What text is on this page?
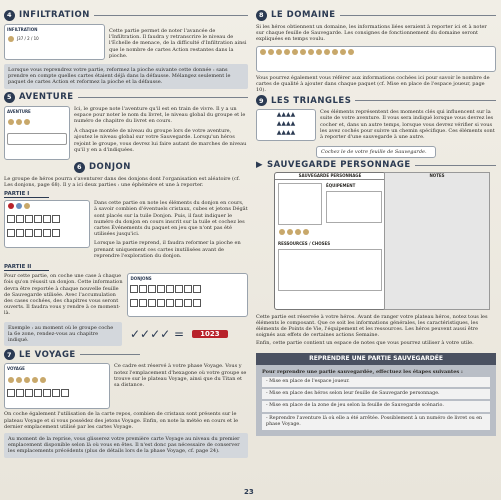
4 INFILTRATION
INFILTRATION
J37 / 2 / 10

Cette partie permet de noter l'avancée de l'Infiltration. Il faudra y retranscrire le niveau de l'Échelle de menace, de la difficulté d'Infiltration ainsi que le nombre de cartes Action restantes dans la pioche.

Lorsque vous reprendrez votre partie, reformez la pioche suivante cette donnée : sans prendre en compte quelles cartes étaient déjà dans la défausse. Mélangez seulement le paquet de cartes Action et reformez la pioche et la défausse.
5 AVENTURE
AVENTURE	Ici, le groupe note l'aventure qu'il est en train de vivre. Il y a un espace pour noter le nom du livret, le niveau global du groupe et le numéro de chapitre du livret en cours.

À chaque montée de niveau du groupe lors de votre aventure, ajoutez le niveau global sur votre Sauvegarde. Lorsqu'un héros rejoint le groupe, vous devrez lui faire autant de marches de niveau qu'il y en a d'indiquées.

6 DONJON

Le groupe de héros pourra s'aventurer dans des donjons dont l'organisation est aléatoire (cf. Les donjons, page 68). Il y a ici deux parties : une éphémère et une à reporter.

PARTIE I

Dans cette partie on note les éléments du donjon en cours, à savoir combien d'éventuels cristaux, cubes et jetons Dégât sont placés sur la tuile Donjon. Puis, il faut indiquer le numéro du donjon en cours inscrit sur la tuile et cochez les cartes Événements du paquet en jeu que n'ont pas été utilisées jusqu'ici.

Lorsque la partie reprend, il faudra reformer la pioche en prenant uniquement ces cartes inutilisées avant de reprendre l'exploration du donjon.

PARTIE II

Pour cette partie, on coche une case à chaque fois qu'on réussit un donjon. Cette information devra être reportée à chaque nouvelle feuille de Sauvegarde utilisée. Avec l'accumulation des cases cochées, des chapitres vous seront ouverts. Il faudra vous y rendre à ce moment-là.

DONJONS
Exemple : au moment où le groupe coche la 6e zone, rendez-vous au chapitre indiqué.	✓✓✓✓ =	1023
7 LE VOYAGE
VOYAGE	Ce cadre est réservé à votre phase Voyage. Vous y notez l'emplacement d'hexagone où votre groupe se trouve sur le plateau Voyage, ainsi que du Titan et sa distance.

On coche également l'utilisation de la carte repos, combien de cristaux sont présents sur le plateau Voyage et si vous possédez des jetons Voyage. Enfin, on note la météo en cours et le dernier emplacement utilisé par les cartes Voyage.

Au moment de la reprise, vous glisserez votre première carte Voyage au niveau du premier emplacement disponible selon là où vous en êtes. Il n'est donc pas nécessaire de conserver les emplacements précédents (plus de détails lors de la phase Voyage, cf. page 24).
8 LE DOMAINE

Si les héros obtiennent un domaine, les informations liées seraient à reporter ici et à noter sur chaque feuille de Sauvegarde. Les consignes de fonctionnement du domaine seront expliquées en temps voulu.

Vous pourrez également vous référer aux informations cochées ici pour savoir le nombre de cartes de qualité à ajouter dans chaque paquet (cf. Mise en place de l'espace joueur, page 10).

9 LES TRIANGLES
▲▲▲▲
▲▲▲▲
▲▲▲▲

Ces éléments représentent des moments clés qui influencent sur la suite de votre aventure. Il vous sera indiqué lorsque vous devrez les cocher et, dans un autre temps, lorsque vous devrez vérifier si vous les avez cochés pour suivre un chemin spécifique. Ces éléments sont à reporter d'une sauvegarde à une autre.

Cochez le de votre feuille de Sauvegarde.
▶ SAUVEGARDE PERSONNAGE
SAUVEGARDE PERSONNAGE
ÉQUIPEMENT
RESSOURCES / CHOSES
NOTES

Cette partie est réservée à votre héros. Avant de ranger votre plateau héros, notez tous les éléments le composant. Que ce soit les informations générales, les caractéristiques, les éléments de Points de Vie, l'équipement et les ressources. Les héros peuvent aussi être soignés aux effets de certaines actions Semaine.

Enfin, cette partie contient un espace de notes que vous pourrez utiliser à votre utile.

REPRENDRE UNE PARTIE SAUVEGARDÉE

Pour reprendre une partie sauvegardée, effectuez les étapes suivantes :

- Mise en place de l'espace joueur.
- Mise en place des héros selon leur feuille de Sauvegarde personnage.
- Mise en place de la zone de jeu selon la feuille de Sauvegarde scénario.
- Reprendre l'aventure là où elle a été arrêtée. Possiblement à un numéro de livret ou en phase Voyage.
23
